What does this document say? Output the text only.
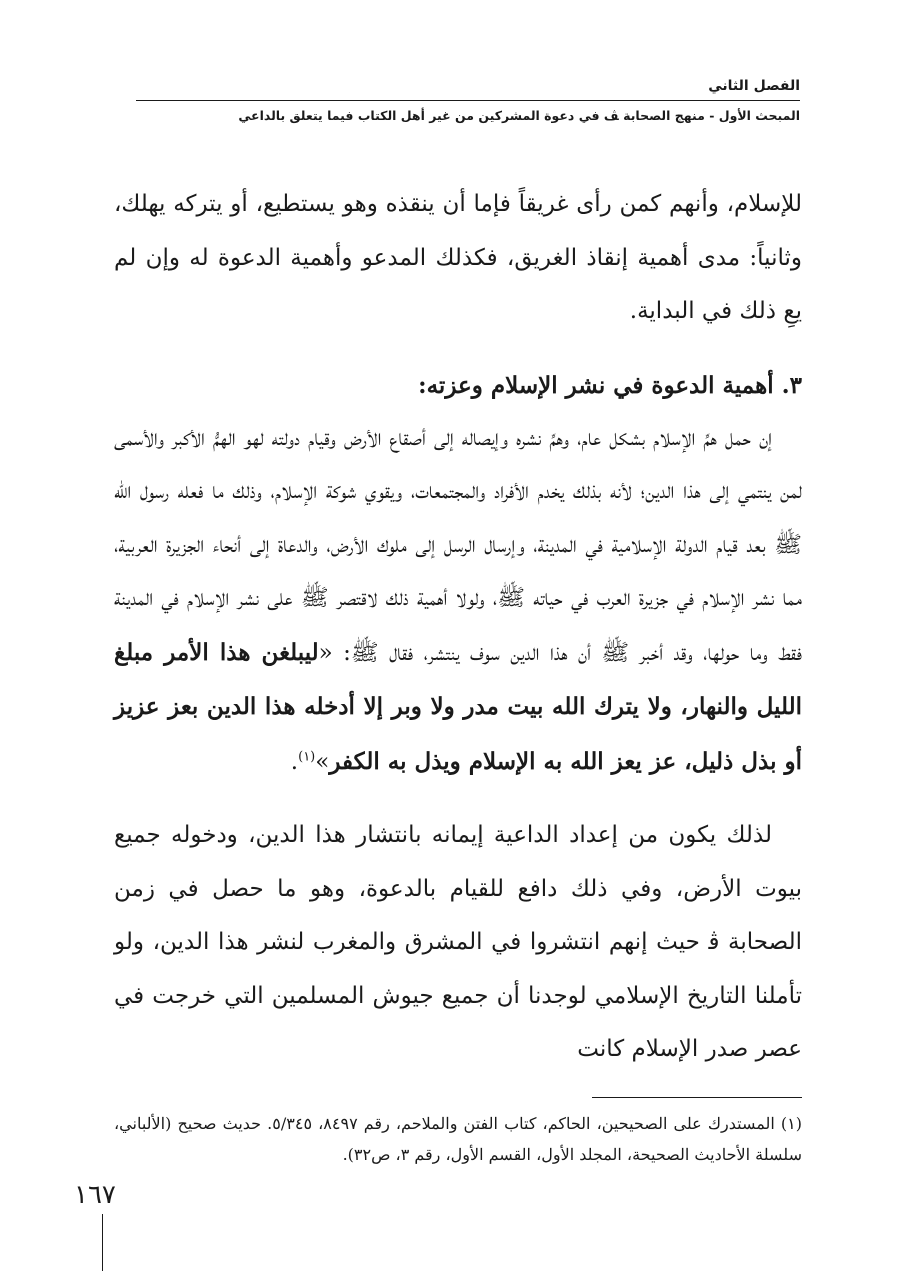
الفصل الثاني
المبحث الأول - منهج الصحابة ﭫ في دعوة المشركين من غير أهل الكتاب فيما يتعلق بالداعي

للإسلام، وأنهم كمن رأى غريقاً فإما أن ينقذه وهو يستطيع، أو يتركه يهلك، وثانياً: مدى أهمية إنقاذ الغريق، فكذلك المدعو وأهمية الدعوة له وإن لم يعِ ذلك في البداية.

٣. أهمية الدعوة في نشر الإسلام وعزته:

إن حمل همِّ الإسلام بشكل عام، وهمِّ نشره وإيصاله إلى أصقاع الأرض وقيام دولته لهو الهمُّ الأكبر والأسمى لمن ينتمي إلى هذا الدين؛ لأنه بذلك يخدم الأفراد والمجتمعات، ويقوي شوكة الإسلام، وذلك ما فعله رسول الله ﷺ بعد قيام الدولة الإسلامية في المدينة، وإرسال الرسل إلى ملوك الأرض، والدعاة إلى أنحاء الجزيرة العربية، مما نشر الإسلام في جزيرة العرب في حياته ﷺ، ولولا أهمية ذلك لاقتصر ﷺ على نشر الإسلام في المدينة فقط وما حولها، وقد أخبر ﷺ أن هذا الدين سوف ينتشر، فقال ﷺ: «ليبلغن هذا الأمر مبلغ الليل والنهار، ولا يترك الله بيت مدر ولا وبر إلا أدخله هذا الدين بعز عزيز أو بذل ذليل، عز يعز الله به الإسلام ويذل به الكفر»$^{(١)}$.

لذلك يكون من إعداد الداعية إيمانه بانتشار هذا الدين، ودخوله جميع بيوت الأرض، وفي ذلك دافع للقيام بالدعوة، وهو ما حصل في زمن الصحابة ﭬ حيث إنهم انتشروا في المشرق والمغرب لنشر هذا الدين، ولو تأملنا التاريخ الإسلامي لوجدنا أن جميع جيوش المسلمين التي خرجت في عصر صدر الإسلام كانت

(١) المستدرك على الصحيحين، الحاكم، كتاب الفتن والملاحم، رقم ٨٤٩٧، ٥/٣٤٥. حديث صحيح (الألباني، سلسلة الأحاديث الصحيحة، المجلد الأول، القسم الأول، رقم ٣، ص٣٢).
١٦٧
